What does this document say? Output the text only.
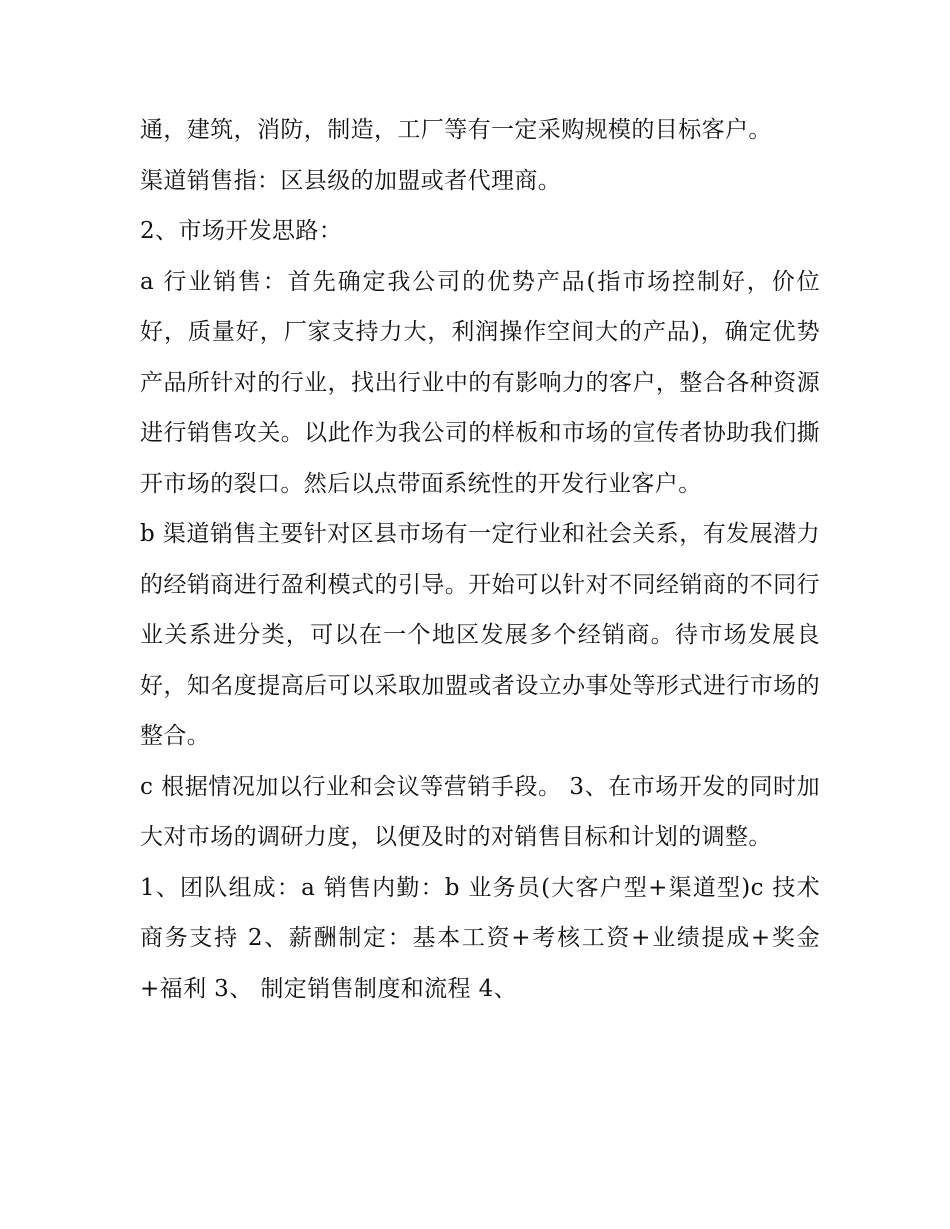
通，建筑，消防，制造，工厂等有一定采购规模的目标客户。

渠道销售指：区县级的加盟或者代理商。

2、市场开发思路：

a 行业销售：首先确定我公司的优势产品(指市场控制好，价位好，质量好，厂家支持力大，利润操作空间大的产品)，确定优势产品所针对的行业，找出行业中的有影响力的客户，整合各种资源进行销售攻关。以此作为我公司的样板和市场的宣传者协助我们撕开市场的裂口。然后以点带面系统性的开发行业客户。

b 渠道销售主要针对区县市场有一定行业和社会关系，有发展潜力的经销商进行盈利模式的引导。开始可以针对不同经销商的不同行业关系进分类，可以在一个地区发展多个经销商。待市场发展良好，知名度提高后可以采取加盟或者设立办事处等形式进行市场的整合。

c 根据情况加以行业和会议等营销手段。 3、在市场开发的同时加大对市场的调研力度，以便及时的对销售目标和计划的调整。

1、团队组成：a 销售内勤：b 业务员(大客户型+渠道型)c 技术商务支持 2、薪酬制定：基本工资+考核工资+业绩提成+奖金+福利 3、 制定销售制度和流程 4、
